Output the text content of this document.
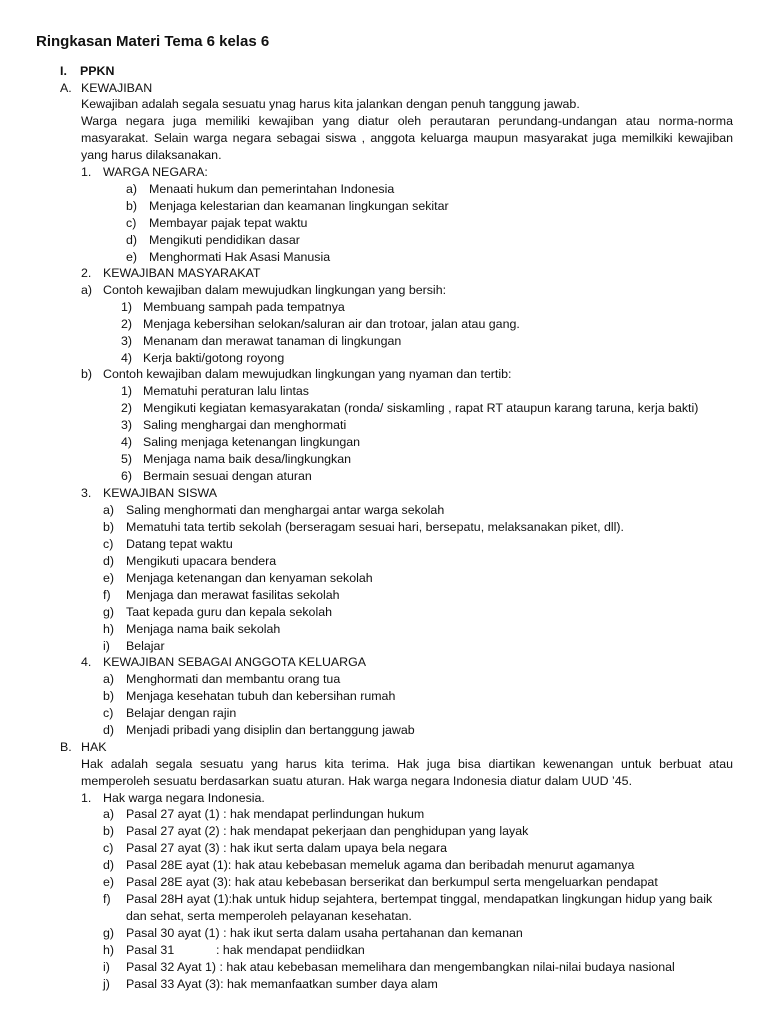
Ringkasan Materi Tema 6 kelas 6
I. PPKN
A. KEWAJIBAN
Kewajiban adalah segala sesuatu ynag harus kita jalankan dengan penuh tanggung jawab.
Warga negara juga memiliki kewajiban yang diatur oleh perautaran perundang-undangan atau norma-norma masyarakat. Selain warga negara sebagai siswa , anggota keluarga maupun masyarakat juga memilkiki kewajiban yang harus dilaksanakan.
1. WARGA NEGARA:
a) Menaati hukum dan pemerintahan Indonesia
b) Menjaga kelestarian dan keamanan lingkungan sekitar
c) Membayar pajak tepat waktu
d) Mengikuti pendidikan dasar
e) Menghormati Hak Asasi Manusia
2. KEWAJIBAN MASYARAKAT
a) Contoh kewajiban dalam mewujudkan lingkungan yang bersih:
1) Membuang sampah pada tempatnya
2) Menjaga kebersihan selokan/saluran air dan trotoar, jalan atau gang.
3) Menanam dan merawat tanaman di lingkungan
4) Kerja bakti/gotong royong
b) Contoh kewajiban dalam mewujudkan lingkungan yang nyaman dan tertib:
1) Mematuhi peraturan lalu lintas
2) Mengikuti kegiatan kemasyarakatan (ronda/ siskamling , rapat RT ataupun karang taruna, kerja bakti)
3) Saling menghargai dan menghormati
4) Saling menjaga ketenangan lingkungan
5) Menjaga nama baik desa/lingkungkan
6) Bermain sesuai dengan aturan
3. KEWAJIBAN SISWA
a) Saling menghormati dan menghargai antar warga sekolah
b) Mematuhi tata tertib sekolah (berseragam sesuai hari, bersepatu, melaksanakan piket, dll).
c) Datang tepat waktu
d) Mengikuti upacara bendera
e) Menjaga ketenangan dan kenyaman sekolah
f) Menjaga dan merawat fasilitas sekolah
g) Taat kepada guru dan kepala sekolah
h) Menjaga nama baik sekolah
i) Belajar
4. KEWAJIBAN SEBAGAI ANGGOTA KELUARGA
a) Menghormati dan membantu orang tua
b) Menjaga kesehatan tubuh dan kebersihan rumah
c) Belajar dengan rajin
d) Menjadi pribadi yang disiplin dan bertanggung jawab
B. HAK
Hak adalah segala sesuatu yang harus kita terima. Hak juga bisa diartikan kewenangan untuk berbuat atau memperoleh sesuatu berdasarkan suatu aturan. Hak warga negara Indonesia diatur dalam UUD ’45.
1. Hak warga negara Indonesia.
a) Pasal 27 ayat (1) : hak mendapat perlindungan hukum
b) Pasal 27 ayat (2) : hak mendapat pekerjaan dan penghidupan yang layak
c) Pasal 27 ayat (3) : hak ikut serta dalam upaya bela negara
d) Pasal 28E ayat (1): hak atau kebebasan memeluk agama dan beribadah menurut agamanya
e) Pasal 28E ayat (3): hak atau kebebasan berserikat dan berkumpul serta mengeluarkan pendapat
f) Pasal 28H ayat (1):hak untuk hidup sejahtera, bertempat tinggal, mendapatkan lingkungan hidup yang baik
dan sehat, serta memperoleh pelayanan kesehatan.
g) Pasal 30 ayat (1) : hak ikut serta dalam usaha pertahanan dan kemanan
h) Pasal 31	: hak mendapat pendiidkan
i) Pasal 32 Ayat 1) : hak atau kebebasan memelihara dan mengembangkan nilai-nilai budaya nasional
j) Pasal 33 Ayat (3): hak memanfaatkan sumber daya alam
